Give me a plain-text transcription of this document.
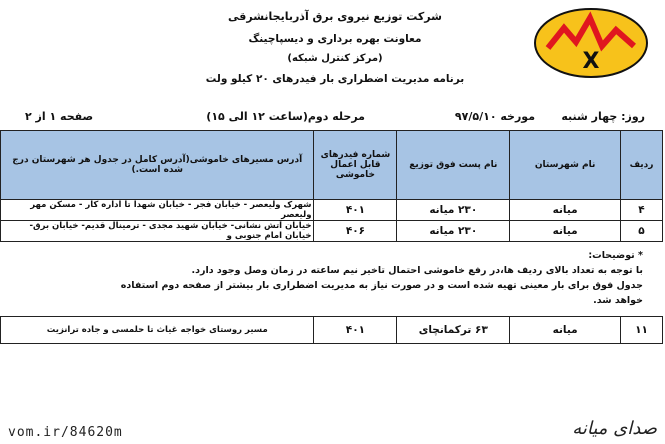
X
شرکت توزیع نیروی برق آذربایجانشرقی
معاونت بهره برداری و دیسپاچینگ
(مرکز کنترل شبکه)
برنامه مدیریت اضطراری بار فیدرهای ۲۰ کیلو ولت
روز: چهار شنبه
مورخه ۹۷/۵/۱۰
مرحله دوم(ساعت ۱۲ الی ۱۵)
صفحه ۱ از ۲
ردیف	نام شهرستان	نام پست فوق توزیع	شماره فیدرهای قابل اعمال خاموشی	آدرس مسیرهای خاموشی(آدرس کامل در جدول هر شهرستان درج شده است.)
۴	میانه	۲۳۰ میانه	۴۰۱	شهرک ولیعصر - خیابان فجر - خیابان شهدا تا اداره کار - مسکن مهر ولیعصر
۵	میانه	۲۳۰ میانه	۴۰۶	خیابان آتش نشانی- خیابان شهید مجدی - ترمینال قدیم- خیابان برق- خیابان امام جنوبی و
* توضیحات:
با توجه به تعداد بالای ردیف ها،در رفع خاموشی احتمال تاخیر نیم ساعته در زمان وصل وجود دارد.
جدول فوق برای بار معینی تهیه شده است و در صورت نیاز به مدیریت اضطراری بار بیشتر از صفحه دوم استفاده
خواهد شد.
۱۱	میانه	۶۳ ترکمانچای	۴۰۱	مسیر روستای خواجه غیاث تا حلمسی و جاده ترانزیت
vom.ir/84620m	صدای میانه
